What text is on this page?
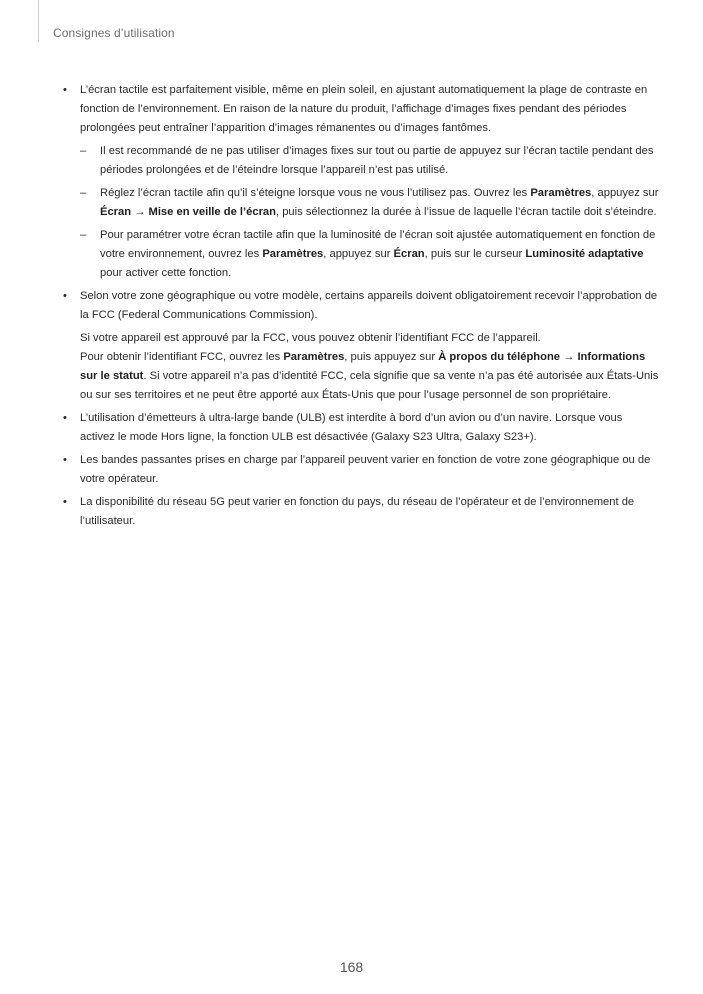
Consignes d’utilisation
• L’écran tactile est parfaitement visible, même en plein soleil, en ajustant automatiquement la plage de contraste en fonction de l’environnement. En raison de la nature du produit, l’affichage d’images fixes pendant des périodes prolongées peut entraîner l’apparition d’images rémanentes ou d’images fantômes.

– Il est recommandé de ne pas utiliser d’images fixes sur tout ou partie de appuyez sur l’écran tactile pendant des périodes prolongées et de l’éteindre lorsque l’appareil n’est pas utilisé.
– Réglez l’écran tactile afin qu’il s’éteigne lorsque vous ne vous l’utilisez pas. Ouvrez les Paramètres, appuyez sur Écran → Mise en veille de l’écran, puis sélectionnez la durée à l’issue de laquelle l’écran tactile doit s’éteindre.
– Pour paramétrer votre écran tactile afin que la luminosité de l’écran soit ajustée automatiquement en fonction de votre environnement, ouvrez les Paramètres, appuyez sur Écran, puis sur le curseur Luminosité adaptative pour activer cette fonction.
• Selon votre zone géographique ou votre modèle, certains appareils doivent obligatoirement recevoir l’approbation de la FCC (Federal Communications Commission).

Si votre appareil est approuvé par la FCC, vous pouvez obtenir l’identifiant FCC de l’appareil.
Pour obtenir l’identifiant FCC, ouvrez les Paramètres, puis appuyez sur À propos du téléphone → Informations sur le statut. Si votre appareil n’a pas d’identité FCC, cela signifie que sa vente n’a pas été autorisée aux États-Unis ou sur ses territoires et ne peut être apporté aux États-Unis que pour l’usage personnel de son propriétaire.

• L’utilisation d’émetteurs à ultra-large bande (ULB) est interdite à bord d’un avion ou d’un navire. Lorsque vous activez le mode Hors ligne, la fonction ULB est désactivée (Galaxy S23 Ultra, Galaxy S23+).

• Les bandes passantes prises en charge par l’appareil peuvent varier en fonction de votre zone géographique ou de votre opérateur.

• La disponibilité du réseau 5G peut varier en fonction du pays, du réseau de l’opérateur et de l’environnement de l’utilisateur.

168
